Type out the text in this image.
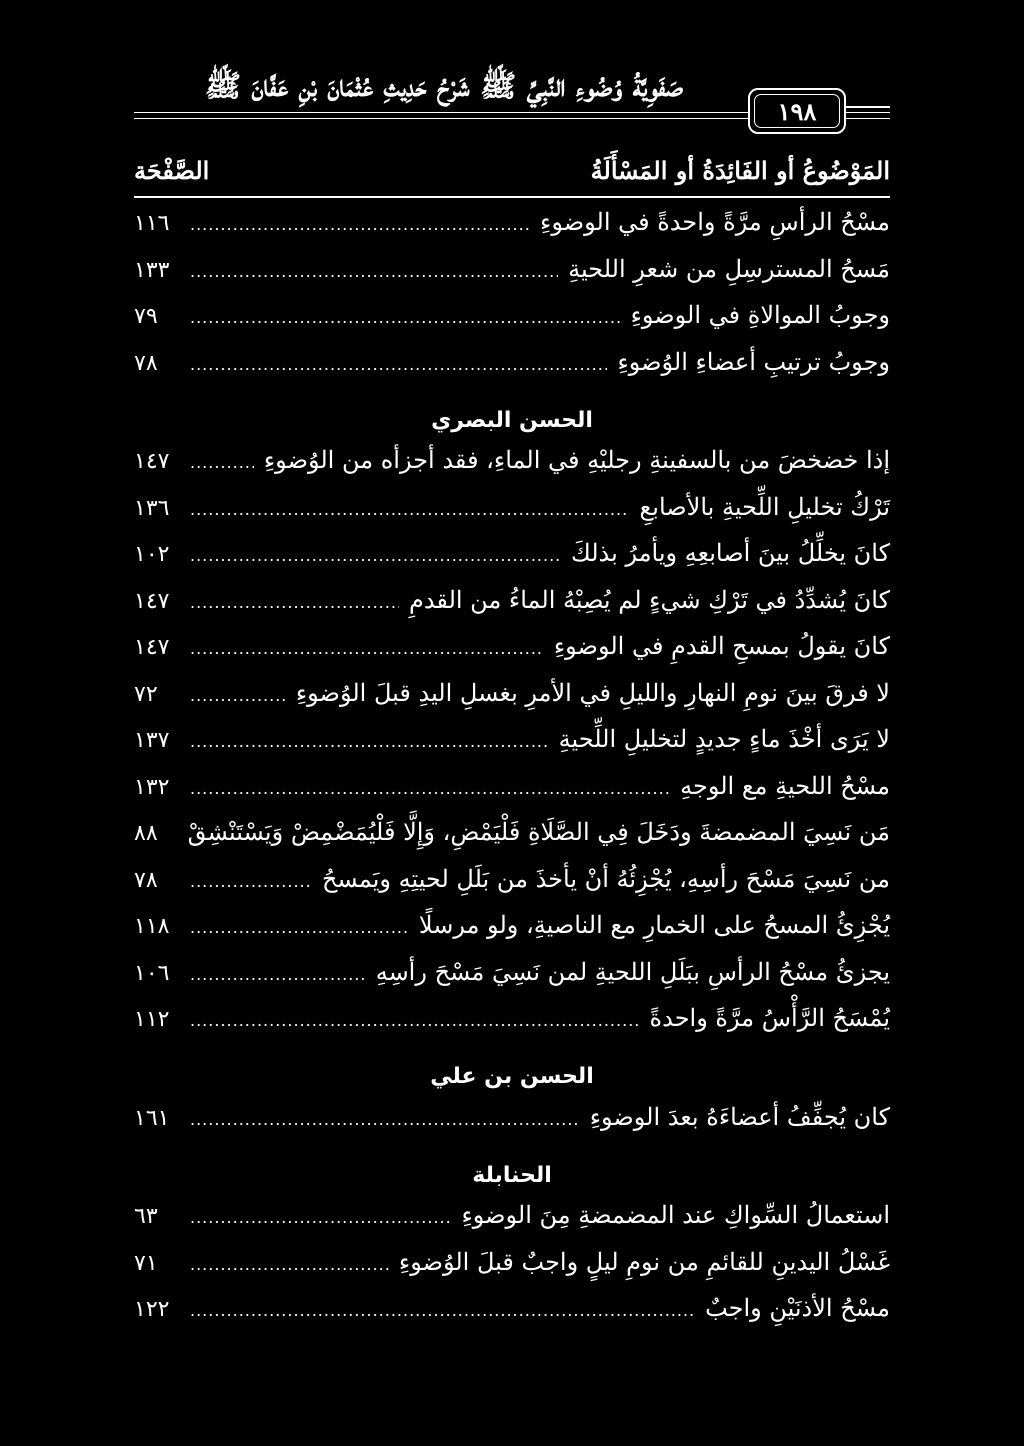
صَفَوِيَّةُ وُضُوءِ النَّبِيِّ ﷺ شَرْحُ حَدِيثِ عُثْمَانَ بْنِ عَفَّانَ ﷺ
١٩٨
الصَّفْحَة	المَوْضُوعُ أو الفَائِدَةُ أو المَسْأَلَةُ
مسْحُ الرأسِ مرَّةً واحدةً في الوضوءِ
.....
١١٦
مَسحُ المسترسِلِ من شعرِ اللحيةِ
.....
١٣٣
وجوبُ الموالاةِ في الوضوءِ
.....
٧٩
وجوبُ ترتيبِ أعضاءِ الوُضوءِ
.....
٧٨
الحسن البصري
إذا خضخضَ من بالسفينةِ رجليْهِ في الماءِ، فقد أجزأه من الوُضوءِ
.....
١٤٧
تَرْكُ تخليلِ اللِّحيةِ بالأصابعِ
.....
١٣٦
كانَ يخلِّلُ بينَ أصابعِهِ ويأمرُ بذلكَ
.....
١٠٢
كانَ يُشدِّدُ في تَرْكِ شيءٍ لم يُصِبْهُ الماءُ من القدمِ
.....
١٤٧
كانَ يقولُ بمسحِ القدمِ في الوضوءِ
.....
١٤٧
لا فرقَ بينَ نومِ النهارِ والليلِ في الأمرِ بغسلِ اليدِ قبلَ الوُضوءِ
.....
٧٢
لا يَرَى أخْذَ ماءٍ جديدٍ لتخليلِ اللِّحيةِ
.....
١٣٧
مسْحُ اللحيةِ مع الوجهِ
.....
١٣٢
مَن نَسِيَ المضمضةَ ودَخَلَ فِي الصَّلَاةِ فَلْيَمْضِ، وَإِلَّا فَلْيُمَضْمِضْ وَيَسْتَنْشِقْ
٨٨
من نَسِيَ مَسْحَ رأسِهِ، يُجْزِئُهُ أنْ يأخذَ من بَلَلِ لحيتِهِ ويَمسحُ
.....
٧٨
يُجْزِئُ المسحُ على الخمارِ مع الناصيةِ، ولو مرسلًا
.....
١١٨
يجزئُ مسْحُ الرأسِ ببَلَلِ اللحيةِ لمن نَسِيَ مَسْحَ رأسِهِ
.....
١٠٦
يُمْسَحُ الرَّأْسُ مرَّةً واحدةً
.....
١١٢
الحسن بن علي
كان يُجفِّفُ أعضاءَهُ بعدَ الوضوءِ
.....
١٦١
الحنابلة
استعمالُ السِّواكِ عند المضمضةِ مِنَ الوضوءِ
.....
٦٣
غَسْلُ اليدينِ للقائمِ من نومِ ليلٍ واجبٌ قبلَ الوُضوءِ
.....
٧١
مسْحُ الأذنَيْنِ واجبٌ
.....
١٢٢
